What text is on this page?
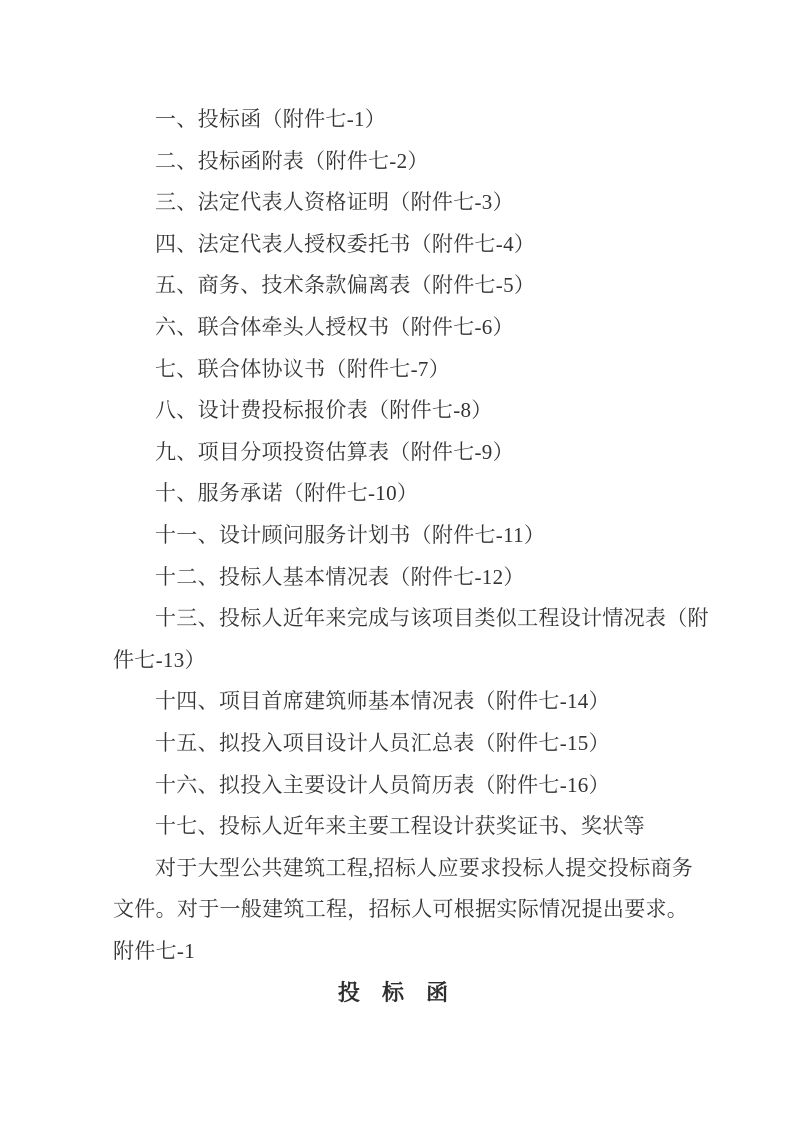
一、投标函（附件七-1）
二、投标函附表（附件七-2）
三、法定代表人资格证明（附件七-3）
四、法定代表人授权委托书（附件七-4）
五、商务、技术条款偏离表（附件七-5）
六、联合体牵头人授权书（附件七-6）
七、联合体协议书（附件七-7）
八、设计费投标报价表（附件七-8）
九、项目分项投资估算表（附件七-9）
十、服务承诺（附件七-10）
十一、设计顾问服务计划书（附件七-11）
十二、投标人基本情况表（附件七-12）
十三、投标人近年来完成与该项目类似工程设计情况表（附
件七-13）
十四、项目首席建筑师基本情况表（附件七-14）
十五、拟投入项目设计人员汇总表（附件七-15）
十六、拟投入主要设计人员简历表（附件七-16）
十七、投标人近年来主要工程设计获奖证书、奖状等
对于大型公共建筑工程,招标人应要求投标人提交投标商务
文件。对于一般建筑工程，招标人可根据实际情况提出要求。
附件七-1
投 标 函
